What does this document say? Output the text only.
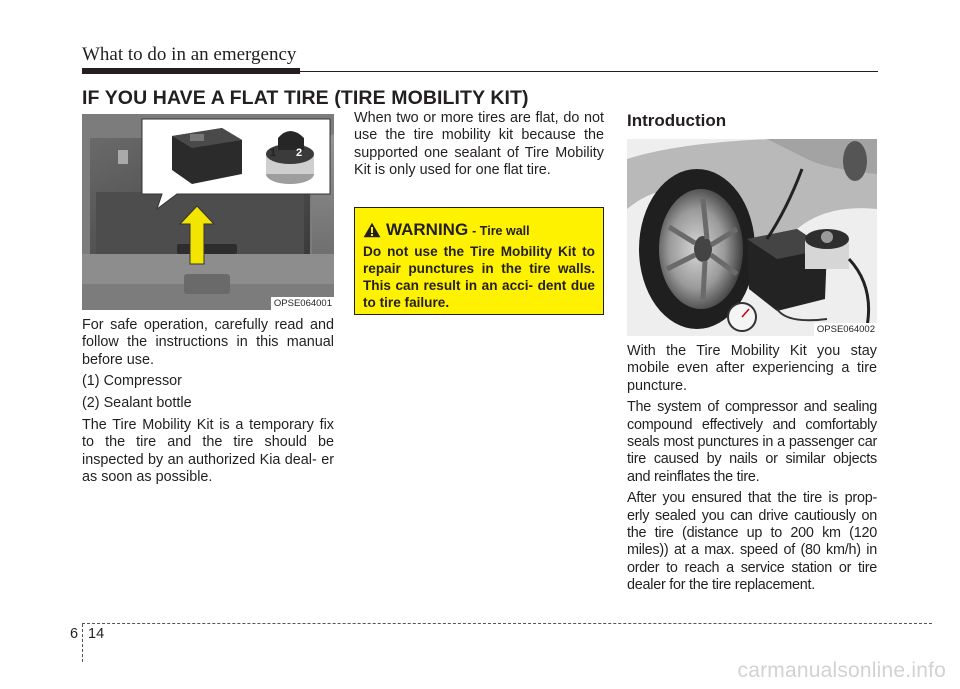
What to do in an emergency
IF YOU HAVE A FLAT TIRE (TIRE MOBILITY KIT)
1 2
OPSE064001

For safe operation, carefully read and follow the instructions in this manual before use.

(1) Compressor

(2) Sealant bottle

The Tire Mobility Kit is a temporary fix to the tire and the tire should be inspected by an authorized Kia deal- er as soon as possible.

When two or more tires are flat, do not use the tire mobility kit because the supported one sealant of Tire Mobility Kit is only used for one flat tire.

WARNING - Tire wall
Do not use the Tire Mobility Kit to repair punctures in the tire walls. This can result in an acci- dent due to tire failure.
Introduction
OPSE064002

With the Tire Mobility Kit you stay mobile even after experiencing a tire puncture.

The system of compressor and sealing compound effectively and comfortably seals most punctures in a passenger car tire caused by nails or similar objects and reinflates the tire.

After you ensured that the tire is prop- erly sealed you can drive cautiously on the tire (distance up to 200 km (120 miles)) at a max. speed of (80 km/h) in order to reach a service station or tire dealer for the tire replacement.

6 14
carmanualsonline.info
